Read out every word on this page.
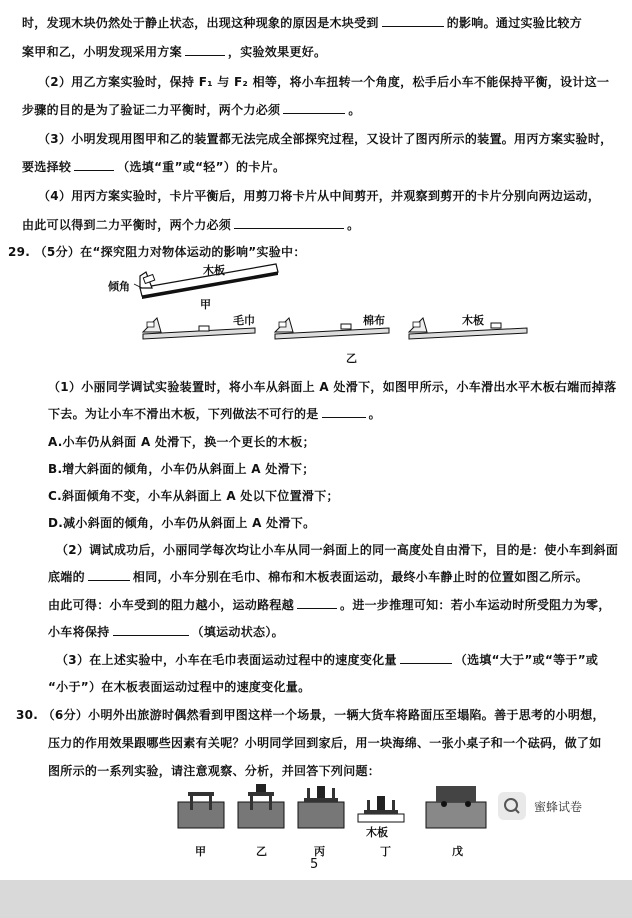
时，发现木块仍然处于静止状态，出现这种现象的原因是木块受到	的影响。通过实验比较方
案甲和乙，小明发现采用方案	，实验效果更好。
（2）用乙方案实验时，保持 F₁ 与 F₂ 相等，将小车扭转一个角度，松手后小车不能保持平衡，设计这一
步骤的目的是为了验证二力平衡时，两个力必须	。
（3）小明发现用图甲和乙的装置都无法完成全部探究过程，又设计了图丙所示的装置。用丙方案实验时，
要选择较	（选填“重”或“轻”）的卡片。
（4）用丙方案实验时，卡片平衡后，用剪刀将卡片从中间剪开，并观察到剪开的卡片分别向两边运动，
由此可以得到二力平衡时，两个力必须	。
29. （5分）在“探究阻力对物体运动的影响”实验中：
（1）小丽同学调试实验装置时，将小车从斜面上 A 处滑下，如图甲所示，小车滑出水平木板右端而掉落
下去。为让小车不滑出木板，下列做法不可行的是	。
A.小车仍从斜面 A 处滑下，换一个更长的木板；
B.增大斜面的倾角，小车仍从斜面上 A 处滑下；
C.斜面倾角不变，小车从斜面上 A 处以下位置滑下；
D.减小斜面的倾角，小车仍从斜面上 A 处滑下。
（2）调试成功后，小丽同学每次均让小车从同一斜面上的同一高度处自由滑下，目的是：使小车到斜面
底端的	相同，小车分别在毛巾、棉布和木板表面运动，最终小车静止时的位置如图乙所示。
由此可得：小车受到的阻力越小，运动路程越	。进一步推理可知：若小车运动时所受阻力为零，
小车将保持	（填运动状态）。
（3）在上述实验中，小车在毛巾表面运动过程中的速度变化量	（选填“大于”或“等于”或
“小于”）在木板表面运动过程中的速度变化量。
30. （6分）小明外出旅游时偶然看到甲图这样一个场景，一辆大货车将路面压至塌陷。善于思考的小明想，
压力的作用效果跟哪些因素有关呢？小明同学回到家后，用一块海绵、一张小桌子和一个砝码，做了如
图所示的一系列实验，请注意观察、分析，并回答下列问题：
倾角
木板
甲
毛巾	棉布	木板
乙
木板
甲	乙	丙	丁	戊
5
蜜蜂试卷
